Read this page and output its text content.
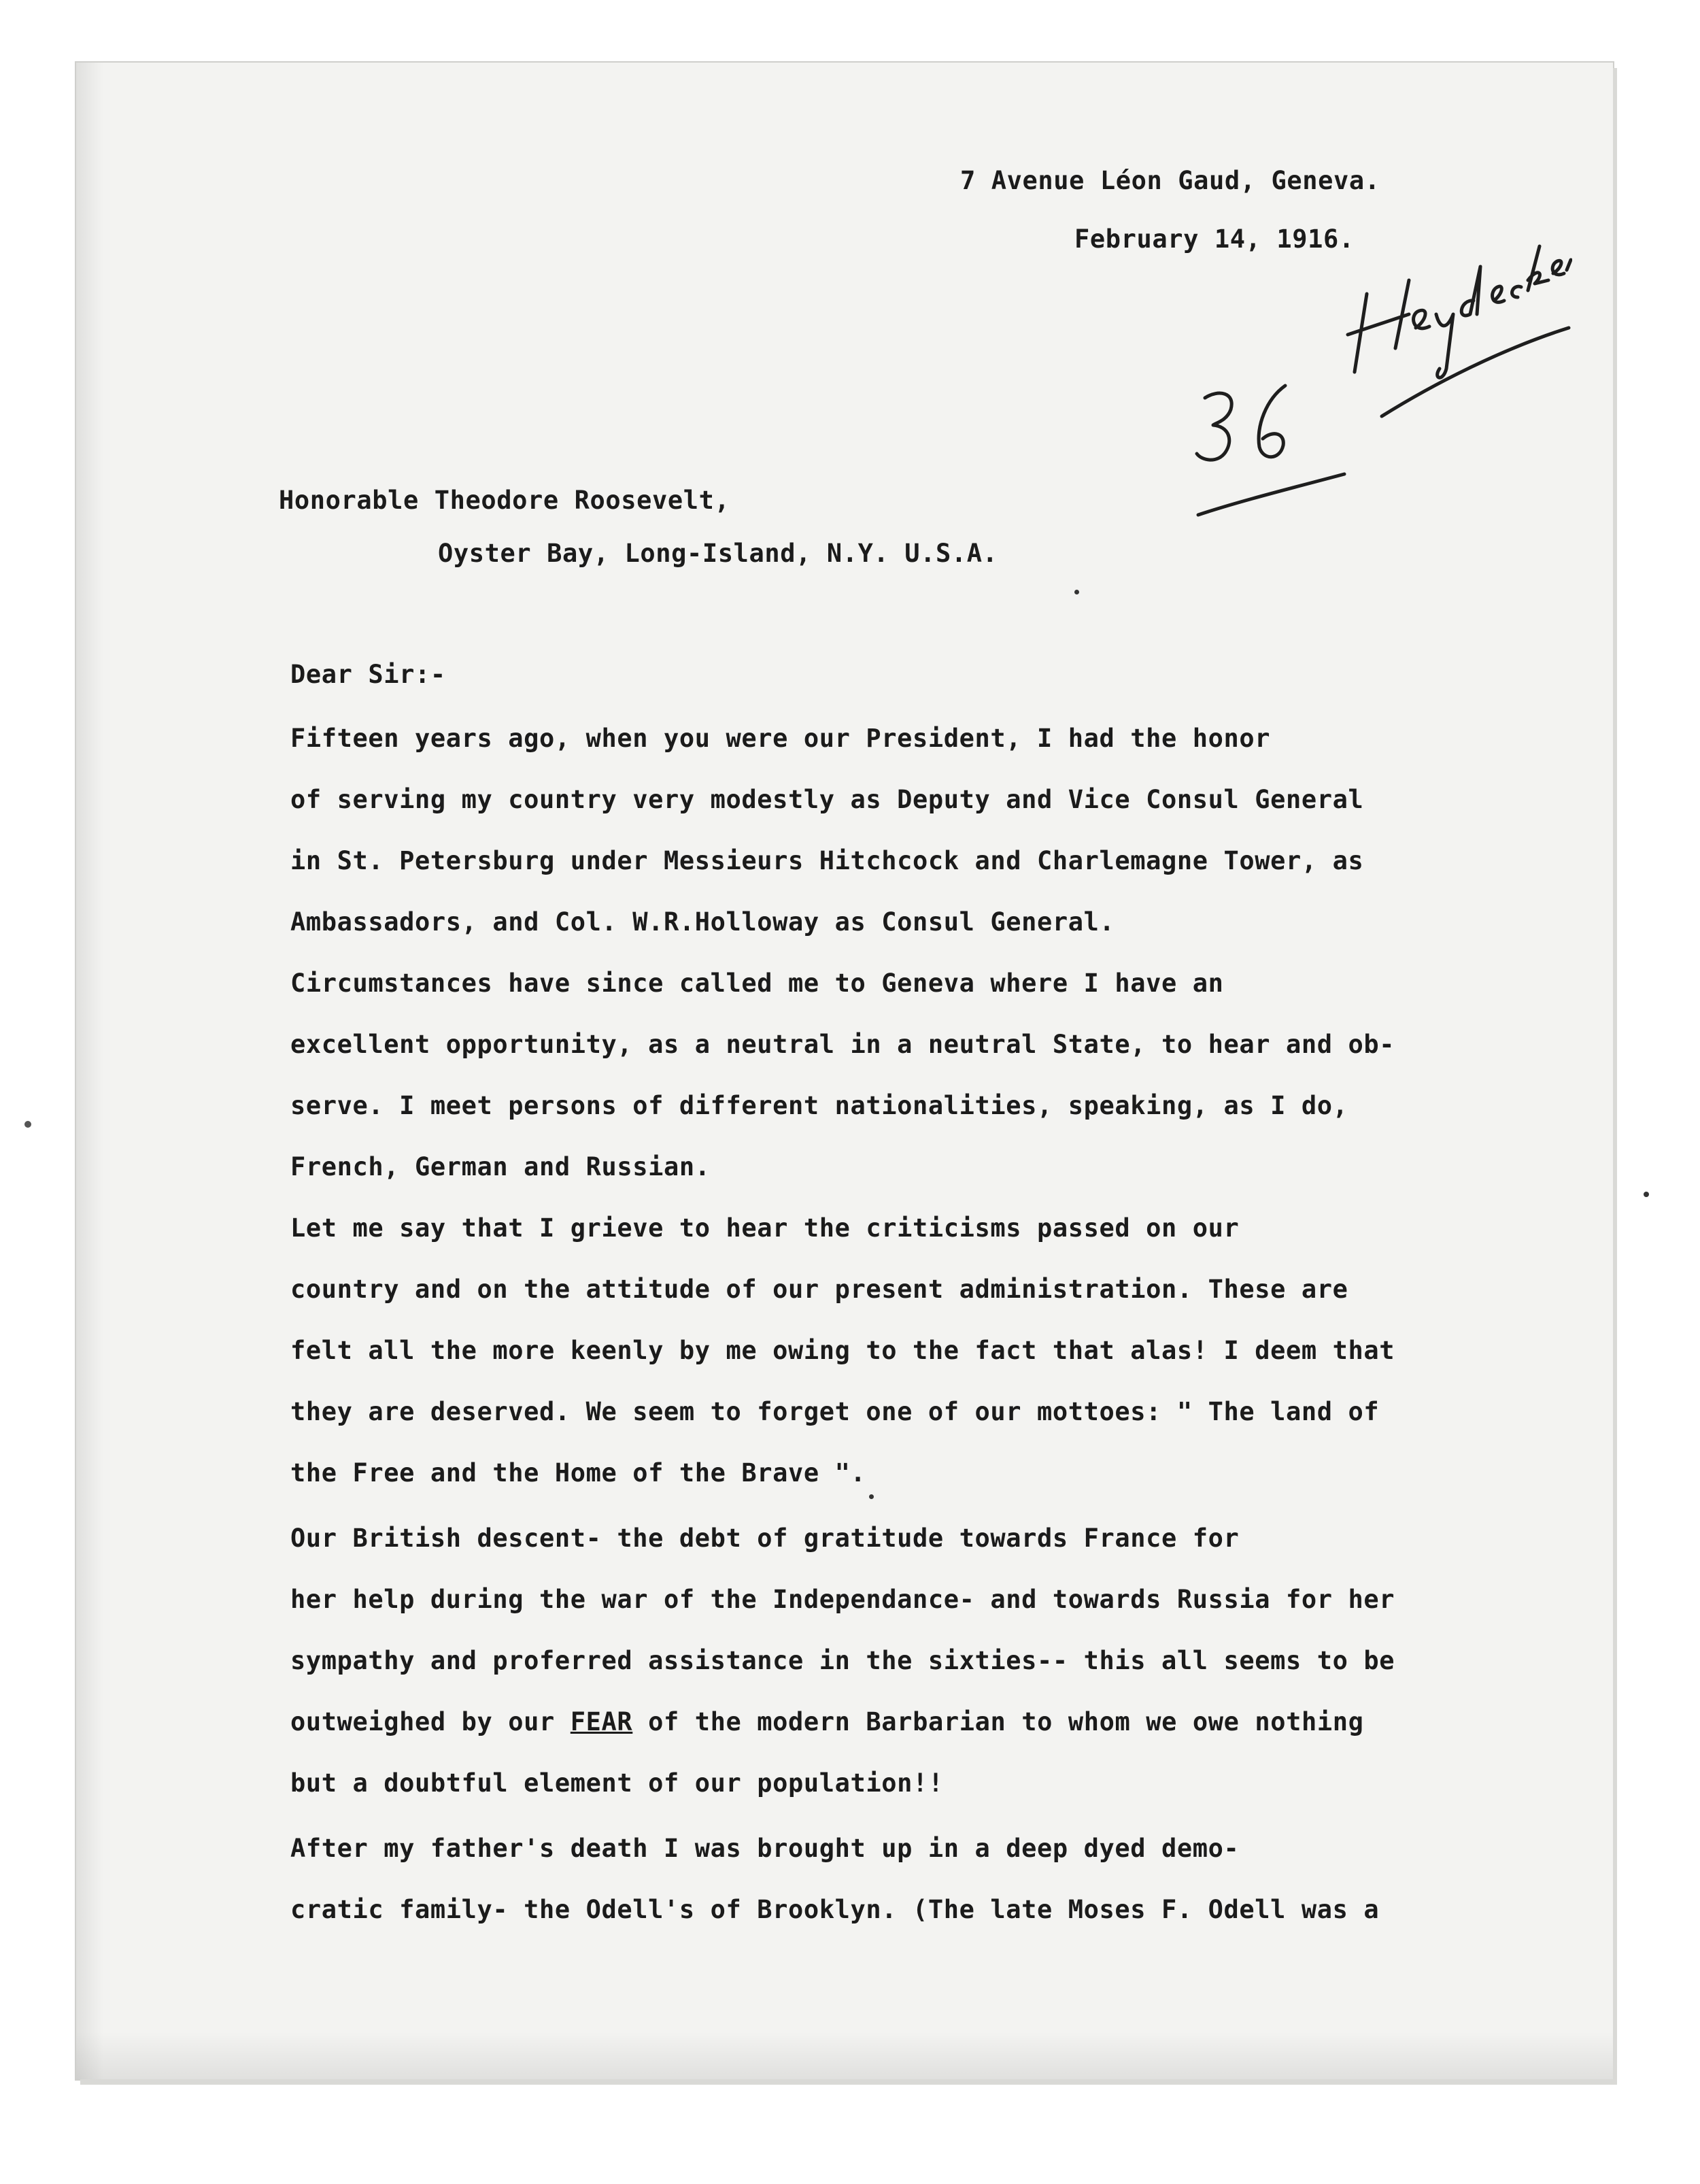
7 Avenue Léon Gaud, Geneva.
February 14, 1916.
Honorable Theodore Roosevelt,
Oyster Bay, Long-Island, N.Y. U.S.A.
Dear Sir:-
Fifteen years ago, when you were our President, I had the honor
of serving my country very modestly as Deputy and Vice Consul General
in St. Petersburg under Messieurs Hitchcock and Charlemagne Tower, as
Ambassadors, and Col. W.R.Holloway as Consul General.
Circumstances have since called me to Geneva where I have an
excellent opportunity, as a neutral in a neutral State, to hear and ob-
serve. I meet persons of different nationalities, speaking, as I do,
French, German and Russian.
Let me say that I grieve to hear the criticisms passed on our
country and on the attitude of our present administration. These are
felt all the more keenly by me owing to the fact that alas! I deem that
they are deserved. We seem to forget one of our mottoes: " The land of
the Free and the Home of the Brave ".
Our British descent- the debt of gratitude towards France for
her help during the war of the Independance- and towards Russia for her
sympathy and proferred assistance in the sixties-- this all seems to be
outweighed by our FEAR of the modern Barbarian to whom we owe nothing
but a doubtful element of our population!!
After my father's death I was brought up in a deep dyed demo-
cratic family- the Odell's of Brooklyn. (The late Moses F. Odell was a
